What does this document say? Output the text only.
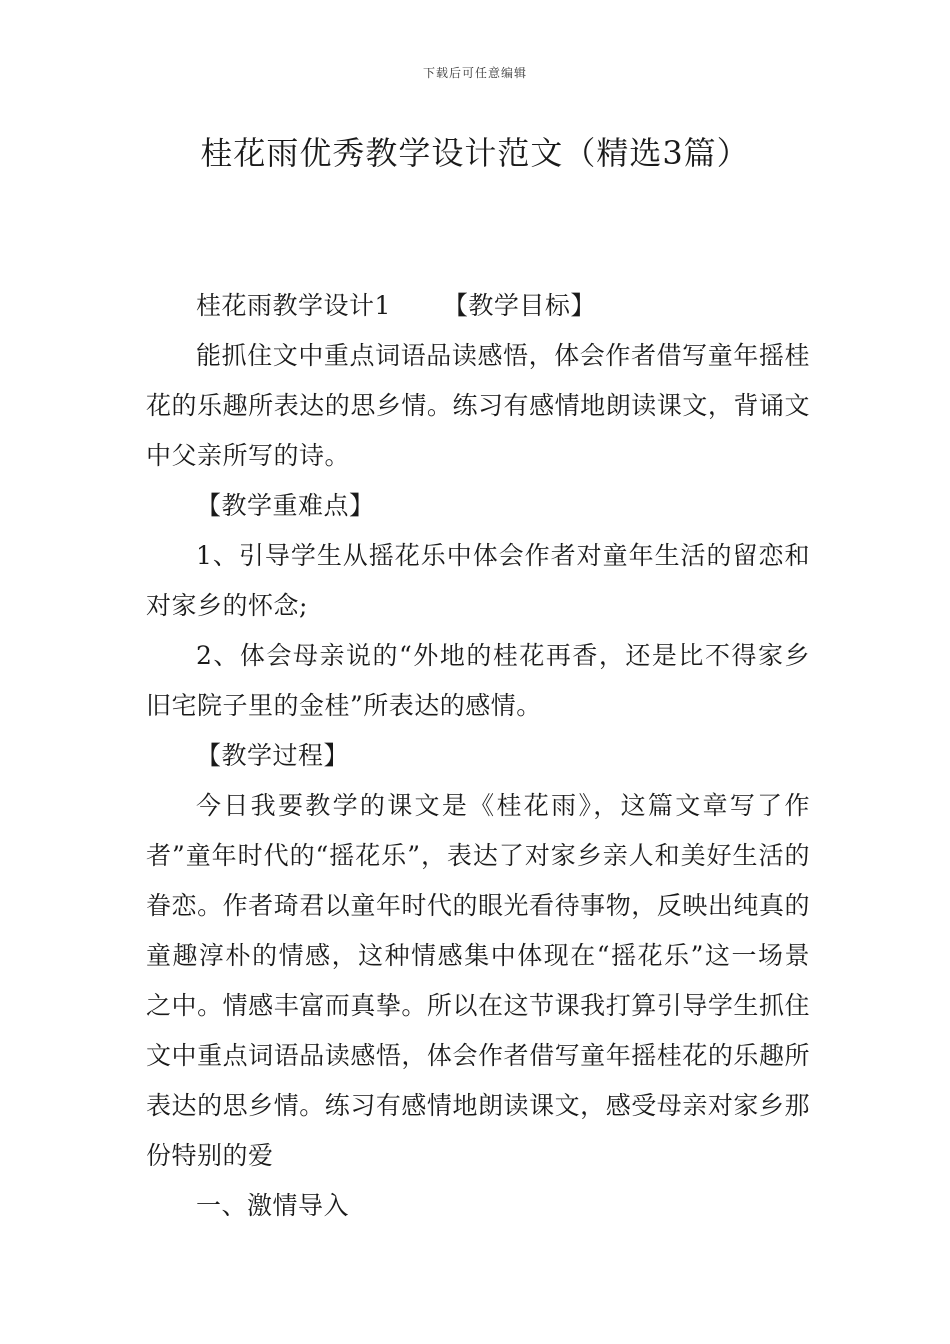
下载后可任意编辑
桂花雨优秀教学设计范文（精选3篇）

桂花雨教学设计1 【教学目标】

能抓住文中重点词语品读感悟，体会作者借写童年摇桂花的乐趣所表达的思乡情。练习有感情地朗读课文，背诵文中父亲所写的诗。

【教学重难点】

1、引导学生从摇花乐中体会作者对童年生活的留恋和对家乡的怀念;

2、体会母亲说的“外地的桂花再香，还是比不得家乡旧宅院子里的金桂”所表达的感情。

【教学过程】

今日我要教学的课文是《桂花雨》，这篇文章写了作者”童年时代的“摇花乐”，表达了对家乡亲人和美好生活的眷恋。作者琦君以童年时代的眼光看待事物，反映出纯真的童趣淳朴的情感，这种情感集中体现在“摇花乐”这一场景之中。情感丰富而真挚。所以在这节课我打算引导学生抓住文中重点词语品读感悟，体会作者借写童年摇桂花的乐趣所表达的思乡情。练习有感情地朗读课文，感受母亲对家乡那份特别的爱

一、激情导入
